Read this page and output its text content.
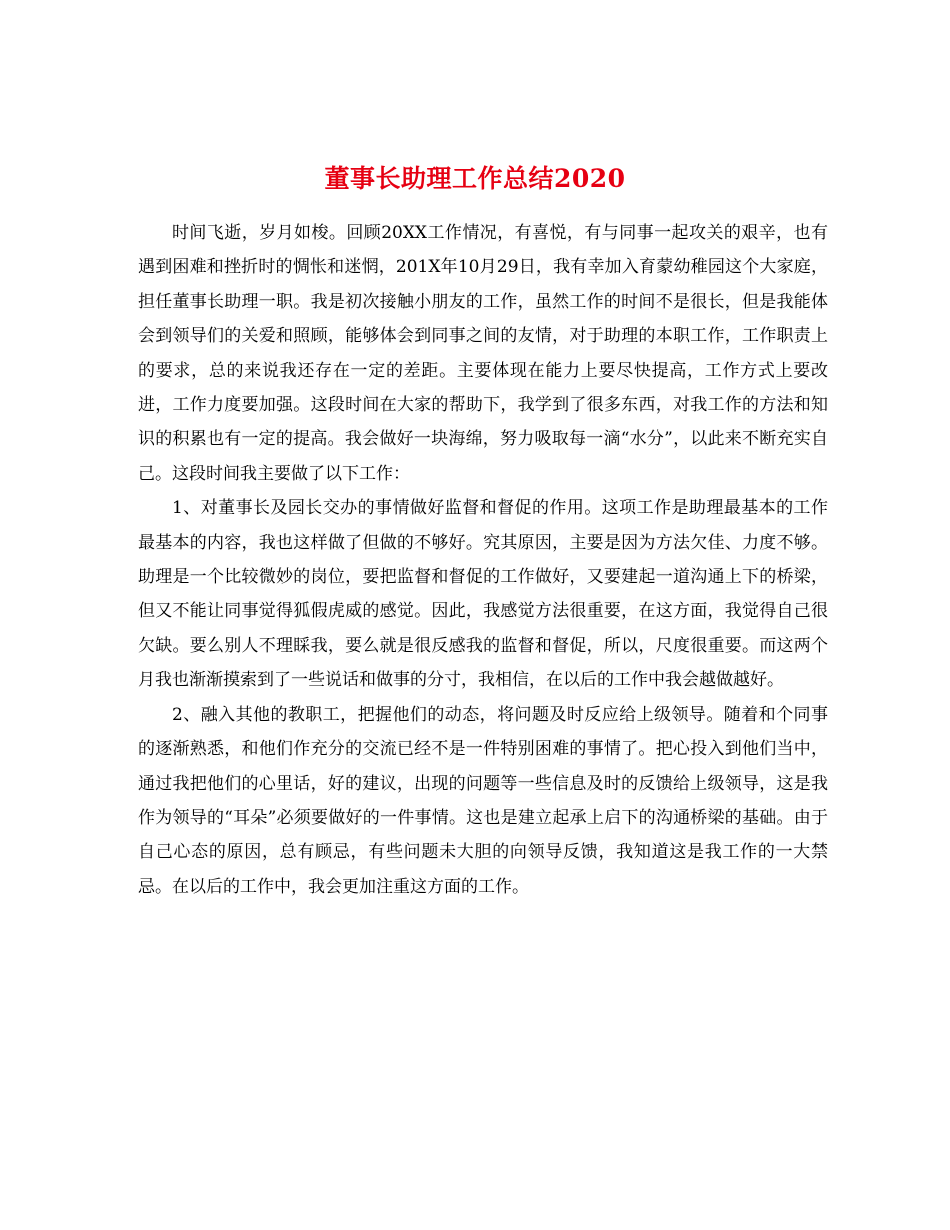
董事长助理工作总结2020

时间飞逝，岁月如梭。回顾20XX工作情况，有喜悦，有与同事一起攻关的艰辛，也有遇到困难和挫折时的惆怅和迷惘，201X年10月29日，我有幸加入育蒙幼稚园这个大家庭，担任董事长助理一职。我是初次接触小朋友的工作，虽然工作的时间不是很长，但是我能体会到领导们的关爱和照顾，能够体会到同事之间的友情，对于助理的本职工作，工作职责上的要求，总的来说我还存在一定的差距。主要体现在能力上要尽快提高，工作方式上要改进，工作力度要加强。这段时间在大家的帮助下，我学到了很多东西，对我工作的方法和知识的积累也有一定的提高。我会做好一块海绵，努力吸取每一滴“水分”，以此来不断充实自己。这段时间我主要做了以下工作：

1、对董事长及园长交办的事情做好监督和督促的作用。这项工作是助理最基本的工作最基本的内容，我也这样做了但做的不够好。究其原因，主要是因为方法欠佳、力度不够。助理是一个比较微妙的岗位，要把监督和督促的工作做好，又要建起一道沟通上下的桥梁，但又不能让同事觉得狐假虎威的感觉。因此，我感觉方法很重要，在这方面，我觉得自己很欠缺。要么别人不理睬我，要么就是很反感我的监督和督促，所以，尺度很重要。而这两个月我也渐渐摸索到了一些说话和做事的分寸，我相信，在以后的工作中我会越做越好。

2、融入其他的教职工，把握他们的动态，将问题及时反应给上级领导。随着和个同事的逐渐熟悉，和他们作充分的交流已经不是一件特别困难的事情了。把心投入到他们当中，通过我把他们的心里话，好的建议，出现的问题等一些信息及时的反馈给上级领导，这是我作为领导的“耳朵”必须要做好的一件事情。这也是建立起承上启下的沟通桥梁的基础。由于自己心态的原因，总有顾忌，有些问题未大胆的向领导反馈，我知道这是我工作的一大禁忌。在以后的工作中，我会更加注重这方面的工作。
